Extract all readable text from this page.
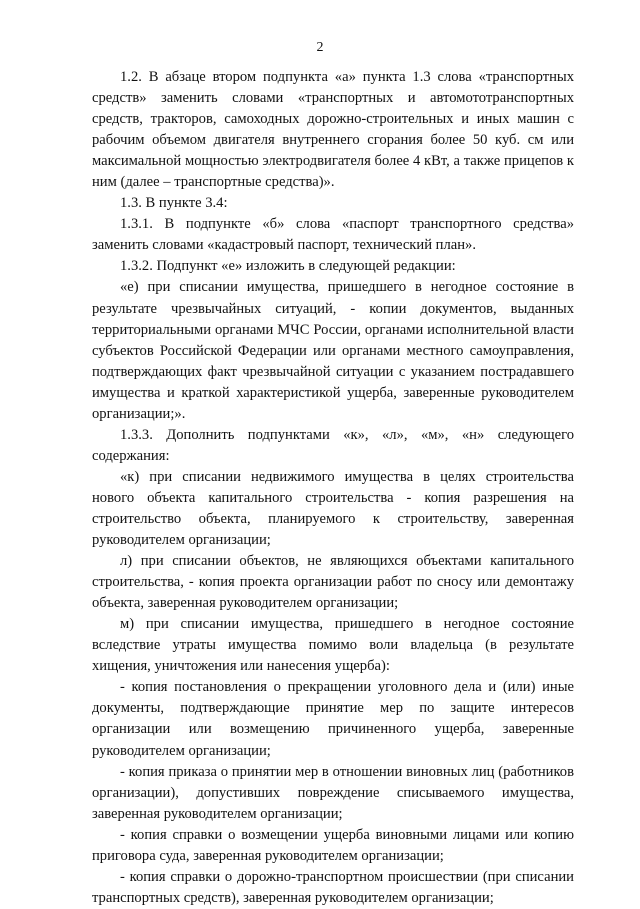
2

1.2. В абзаце втором подпункта «а» пункта 1.3 слова «транспортных средств» заменить словами «транспортных и автомототранспортных средств, тракторов, самоходных дорожно-строительных и иных машин с рабочим объемом двигателя внутреннего сгорания более 50 куб. см или максимальной мощностью электродвигателя более 4 кВт, а также прицепов к ним (далее – транспортные средства)».

1.3. В пункте 3.4:

1.3.1. В подпункте «б» слова «паспорт транспортного средства» заменить словами «кадастровый паспорт, технический план».

1.3.2. Подпункт «е» изложить в следующей редакции:

«е) при списании имущества, пришедшего в негодное состояние в результате чрезвычайных ситуаций, - копии документов, выданных территориальными органами МЧС России, органами исполнительной власти субъектов Российской Федерации или органами местного самоуправления, подтверждающих факт чрезвычайной ситуации с указанием пострадавшего имущества и краткой характеристикой ущерба, заверенные руководителем организации;».

1.3.3. Дополнить подпунктами «к», «л», «м», «н» следующего содержания:

«к) при списании недвижимого имущества в целях строительства нового объекта капитального строительства - копия разрешения на строительство объекта, планируемого к строительству, заверенная руководителем организации;

л) при списании объектов, не являющихся объектами капитального строительства, - копия проекта организации работ по сносу или демонтажу объекта, заверенная руководителем организации;

м) при списании имущества, пришедшего в негодное состояние вследствие утраты имущества помимо воли владельца (в результате хищения, уничтожения или нанесения ущерба):

- копия постановления о прекращении уголовного дела и (или) иные документы, подтверждающие принятие мер по защите интересов организации или возмещению причиненного ущерба, заверенные руководителем организации;

- копия приказа о принятии мер в отношении виновных лиц (работников организации), допустивших повреждение списываемого имущества, заверенная руководителем организации;

- копия справки о возмещении ущерба виновными лицами или копию приговора суда, заверенная руководителем организации;

- копия справки о дорожно-транспортном происшествии (при списании транспортных средств), заверенная руководителем организации;
